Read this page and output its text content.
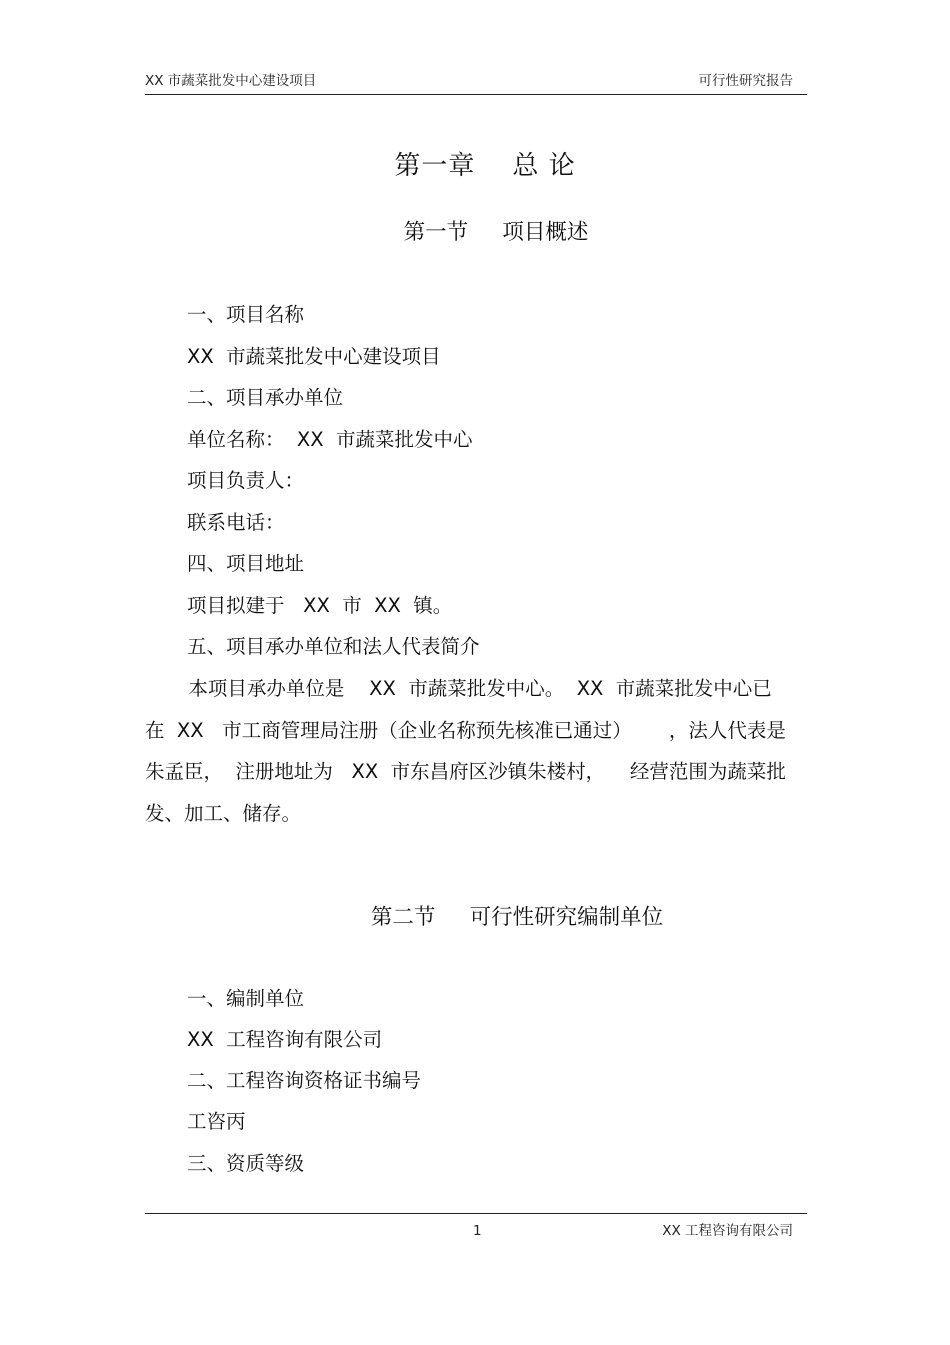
XX 市蔬菜批发中心建设项目	可行性研究报告
第一章    总 论
第一节     项目概述
一、项目名称
XX  市蔬菜批发中心建设项目
二、项目承办单位
单位名称：  XX  市蔬菜批发中心
项目负责人：
联系电话：
四、项目地址
项目拟建于   XX  市  XX  镇。
五、项目承办单位和法人代表简介

本项目承办单位是    XX  市蔬菜批发中心。  XX  市蔬菜批发中心已

在  XX   市工商管理局注册（企业名称预先核准已通过）      ，法人代表是

朱孟臣，  注册地址为   XX  市东昌府区沙镇朱楼村，    经营范围为蔬菜批

发、加工、储存。

第二节     可行性研究编制单位
一、编制单位
XX  工程咨询有限公司
二、工程咨询资格证书编号
工咨丙
三、资质等级
1	XX 工程咨询有限公司
